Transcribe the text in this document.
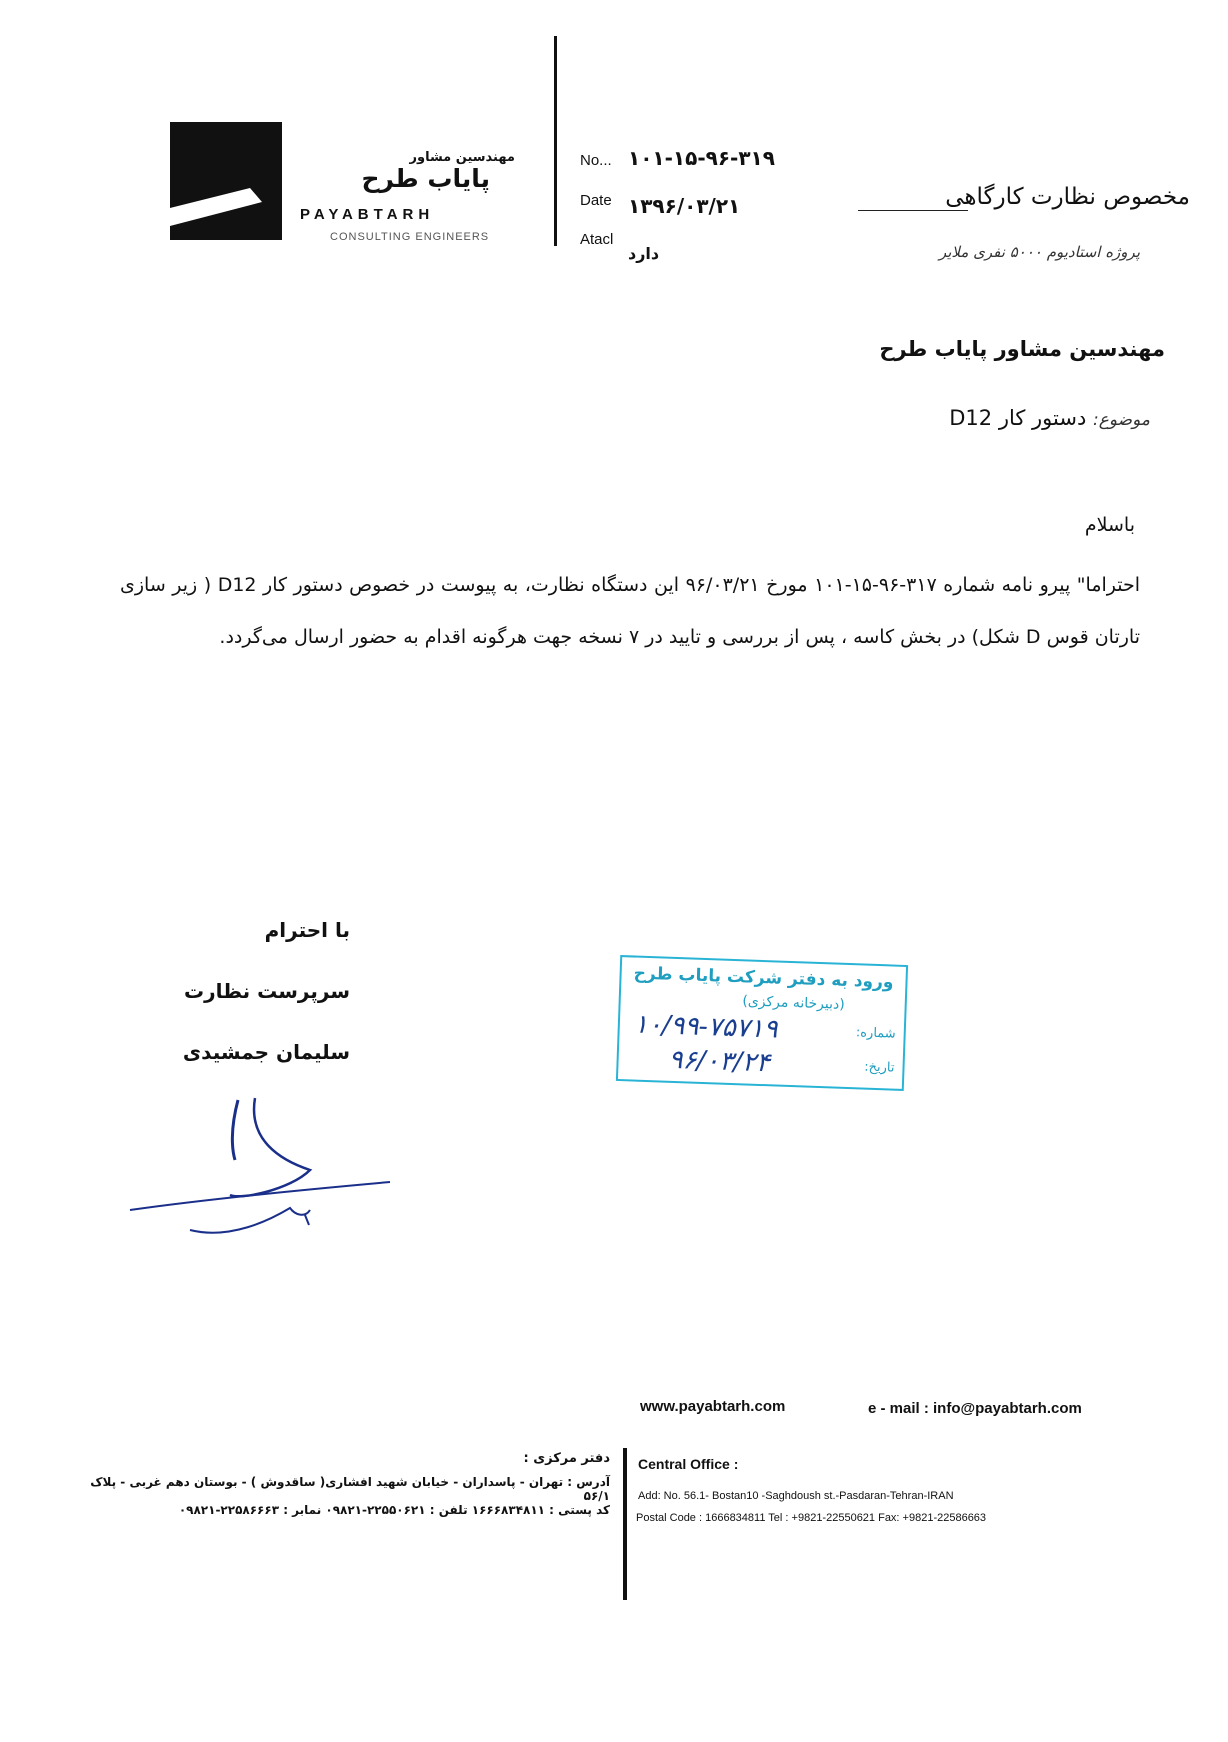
مهندسین مشاور
پایاب طرح
PAYABTARH
CONSULTING ENGINEERS
No... ۱۰۱-۱۵-۹۶-۳۱۹
Date ۱۳۹۶/۰۳/۲۱
Atacl
دارد
مخصوص نظارت کارگاهی
پروژه استادیوم ۵۰۰۰ نفری ملایر
مهندسین مشاور پایاب طرح
موضوع: دستور کار D12
باسلام
احتراما" پیرو نامه شماره ۳۱۷-۹۶-۱۵-۱۰۱ مورخ ۹۶/۰۳/۲۱ این دستگاه نظارت، به پیوست در خصوص دستور کار D12 ( زیر سازی تارتان قوس D شکل) در بخش کاسه ، پس از بررسی و تایید در ۷ نسخه جهت هرگونه اقدام به حضور ارسال می‌گردد.
با احترام
سرپرست نظارت
سلیمان جمشیدی
ورود به دفتر شرکت پایاب طرح
(دبیرخانه مرکزی)
شماره:
۱۰/۹۹-۷۵۷۱۹
تاریخ:
۹۶/۰۳/۲۴
www.payabtarh.com	e - mail : info@payabtarh.com
دفتر مرکزی :
آدرس : تهران - پاسداران - خیابان شهید افشاری( ساقدوش ) - بوستان دهم غربی - پلاک ۵۶/۱
کد پستی : ۱۶۶۶۸۳۴۸۱۱ تلفن : ۲۲۵۵۰۶۲۱-۰۹۸۲۱ نمابر : ۲۲۵۸۶۶۶۳-۰۹۸۲۱
Central Office :
Add: No. 56.1- Bostan10 -Saghdoush st.-Pasdaran-Tehran-IRAN
Postal Code : 1666834811 Tel : +9821-22550621 Fax: +9821-22586663
